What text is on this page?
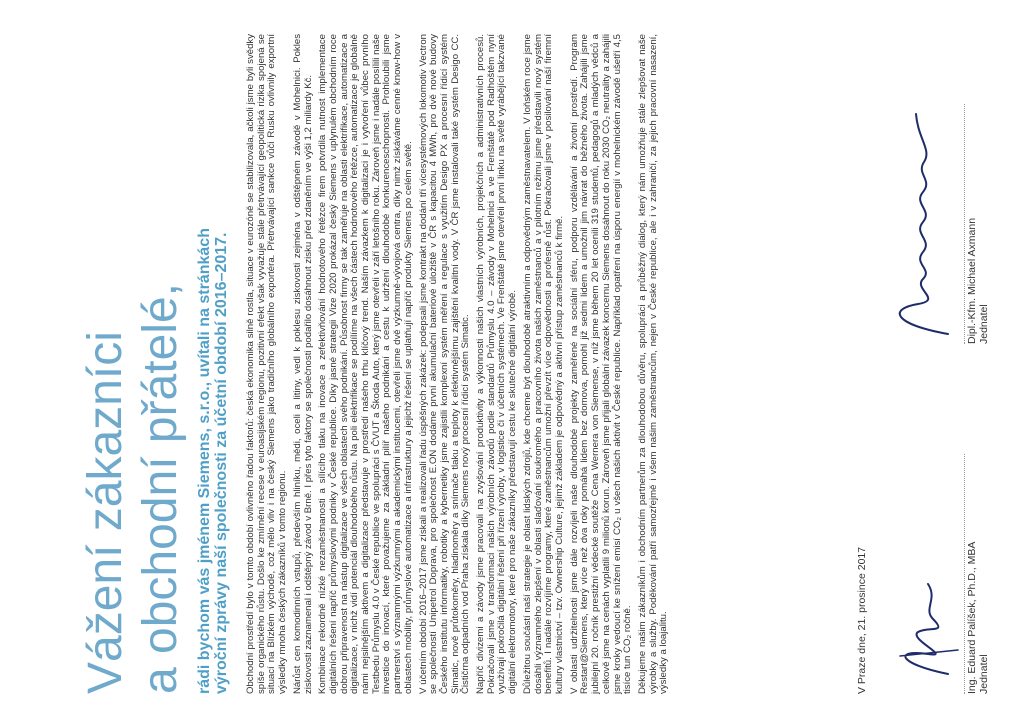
Vážení zákazníci a obchodní přátelé, rádi bychom vás jménem Siemens, s.r.o., uvítali na stránkách výroční zprávy naší společnosti za účetní období 2016–2017. Obchodní prostředí bylo v tomto období ovlivněno řadou faktorů: česká ekonomika silně rostla, situace v eurozóně se stabilizovala, ačkoli jsme byli svědky spíše organického růstu. Došlo ke zmírnění recese v euroasijském regionu, pozitivní efekt však vyvažuje stále přetrvávající geopolitická rizika spojená se situací na Blízkém východě, což mělo vliv i na český Siemens jako tradičního globálního exportéra. Přetrvávající sankce vůči Rusku ovlivnily exportní výsledky mnoha českých zákazníků v tomto regionu. Nárůst cen komodinních vstupů, především hliníku, mědi, oceli a litiny, vedl k poklesu ziskovosti zejména v odštěpném závodě v Mohelnici. Pokles ziskovosti zaznamenal i odštěpný závod v Brně. I přes tyto faktory se společnosti podařilo dosáhnout zisku před zdaněním ve výši 1,2 miliardy Kč. Kombinace rekordně nízké nezaměstnanosti a sílícího tlaku na inovace a zefektivňování hodnotového řetězce firem potvrdila nutnost implementace digitálních řešení napříč průmyslovými podniky v České republice. Díky jasné strategii Vize 2020 prokázal český Siemens v uplynulém obchodním roce dobrou připravenost na nástup digitalizace ve všech oblastech svého podnikání. Působnost firmy se tak zaměřuje na oblasti elektrifikace, automatizace a digitalizace, v nichž vidí potenciál dlouhodobého růstu. Na poli elektrifikace se podílíme na všech částech hodnotového řetězce, automatizace je globálně námi nejsilnějším aktivem a digitalizace představuje v prostředí našeho trhu klíčový trend. Naším závazkem k digitalizaci je i vytvoření vůbec prvního Testbedu Průmyslu 4.0 v České republice ve spolupráci s ČVUT a Škoda Auto, který jsme otevřeli v září letošního roku. Zároveň jsme i nadále posílili naše investice do inovací, které považujeme za základní pilíř našeho podnikání a cestu k udržení dlouhodobé konkurenceschopnosti. Prohloubili jsme partnerství s významnými výzkumnými a akademickými institucemi, otevřeli jsme dvě výzkumně-vývojová centra, díky nimž získáváme cenné know-how v oblastech mobility, průmyslové automatizace a infrastruktury a jejichž řešení se uplatňují napříč produkty Siemens po celém světě. V účetním období 2016–2017 jsme získali a realizovali řadu úspěšných zakázek: podepsali jsme kontrakt na dodání tří vícesystémových lokomotiv Vectron se společností Unipetrol Doprava, pro společnost E.ON dodáme první akumulační bateriové úložiště v ČR s kapacitou 4 MWh, pro dvě nové budovy Českého institutu informatiky, robotiky a kybernetiky jsme zajistili komplexní systém měření a regulace s využitím Desigo PX a procesní řídicí systém Simatic, nově průtokoměry, hladinoměry a snímače tlaku a teploty k efektivnějšímu zajištění kvalitní vody. V ČR jsme instalovali také systém Desigo CC. Čističrna odpadních vod Praha získala díky Siemens nový procesní řídicí systém Simatic. Napříč divizemi a závody jsme pracovali na zvyšování produktivity a výkonnosti našich vlastních výrobních, projekčních a administrativních procesů. Pokračovali jsme v transformaci našich výrobních závodů podle standardů Průmyslu 4.0 – závody v Mohelnici a ve Frenštátě pod Radhoštěm nyní využívají pokročilá digitální řešení při řízení výroby, v logistice či v účetních systémech. Ve Frenštátě jsme otevřeli první linku na světě vyrábějící takzvané digitální elektromotory, které pro naše zákazníky představují cestu ke skutečné digitální výrobě. Důležitou součástí naší strategie je oblast lidských zdrojů, kde chceme být dlouhodobě atraktivním a odpovědným zaměstnavatelem. V loňském roce jsme dosáhli významného zlepšení v oblasti slaďování soukromého a pracovního života našich zaměstnanců a v pilotním režimu jsme představili nový systém benefitů. I nadále rozvíjíme programy, které zaměstnancům umožní převzít více odpovědnosti a profesně růst. Pokračovali jsme v posilování naší firemní kultury vlastnictví – tzv. Ownership Culture, jejímž základem je odpovědný a aktivní přístup zaměstnanců k firmě. V oblasti udržitelnosti jsme dále rozvíjeli naše dlouhodobé projekty zaměřené na sociální sféru, podporu vzdělávání a životní prostředí. Program Restart@Siemens, který více než dva roky pomáhá lidem bez domova, pomohl již sedmi lidem a umožnil jim návrat do běžného života. Zahájili jsme jubilejní 20. ročník prestižní vědecké soutěže Cena Wernera von Siemense, v níž jsme během 20 let ocenili 319 studentů, pedagogů a mladých vědců a celkově jsme na cenách vyplatili 9 milionů korun. Zároveň jsme přijali globální závazek koncernu Siemens dosáhnout do roku 2030 CO₂ neutrality a zahájili jsme kroky vedoucí ke snížení emisí CO₂ u všech našich aktivit v České republice. Například opatření na úsporu energií v mohelnickém závodě ušetří 4,5 tisíce tun CO₂ ročně. Děkujeme našim zákazníkům i obchodním partnerům za dlouhodobou důvěru, spolupráci a průběžný dialog, který nám umožňuje stále zlepšovat naše výrobky a služby. Poděkování patří samozřejmě i všem našim zaměstnancům, nejen v České republice, ale i v zahraničí, za jejich pracovní nasazení, výsledky a loajalitu.	V Praze dne, 21. prosince 2017	Ing. Eduard Palíšek, Ph.D., MBA Jednatel
Dipl.-Kfm. Michael Axmann Jednatel
